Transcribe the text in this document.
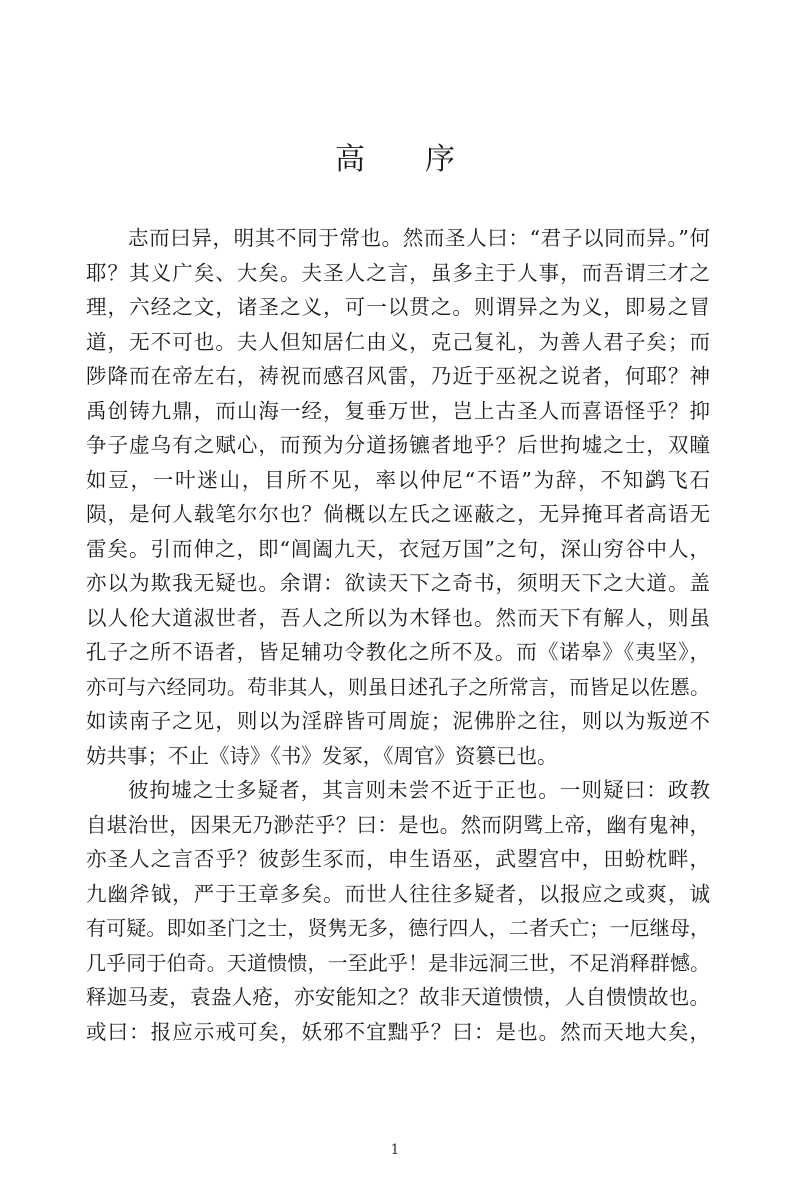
高 序
志而曰异，明其不同于常也。然而圣人曰：“君子以同而异。”何
耶？其义广矣、大矣。夫圣人之言，虽多主于人事，而吾谓三才之
理，六经之文，诸圣之义，可一以贯之。则谓异之为义，即易之冒
道，无不可也。夫人但知居仁由义，克己复礼，为善人君子矣；而
陟降而在帝左右，祷祝而感召风雷，乃近于巫祝之说者，何耶？神
禹创铸九鼎，而山海一经，复垂万世，岂上古圣人而喜语怪乎？抑
争子虚乌有之赋心，而预为分道扬镳者地乎？后世拘墟之士，双瞳
如豆，一叶迷山，目所不见，率以仲尼“不语”为辞，不知鹢飞石
陨，是何人载笔尔尔也？倘概以左氏之诬蔽之，无异掩耳者高语无
雷矣。引而伸之，即“阊阖九天，衣冠万国”之句，深山穷谷中人，
亦以为欺我无疑也。余谓：欲读天下之奇书，须明天下之大道。盖
以人伦大道淑世者，吾人之所以为木铎也。然而天下有解人，则虽
孔子之所不语者，皆足辅功令教化之所不及。而《诺皋》《夷坚》，
亦可与六经同功。苟非其人，则虽日述孔子之所常言，而皆足以佐慝。
如读南子之见，则以为淫辟皆可周旋；泥佛肸之往，则以为叛逆不
妨共事；不止《诗》《书》发冢，《周官》资篡已也。
彼拘墟之士多疑者，其言则未尝不近于正也。一则疑曰：政教
自堪治世，因果无乃渺茫乎？曰：是也。然而阴骘上帝，幽有鬼神，
亦圣人之言否乎？彼彭生豕而，申生语巫，武曌宫中，田蚡枕畔，
九幽斧钺，严于王章多矣。而世人往往多疑者，以报应之或爽，诚
有可疑。即如圣门之士，贤隽无多，德行四人，二者夭亡；一厄继母，
几乎同于伯奇。天道愦愦，一至此乎！是非远洞三世，不足消释群憾。
释迦马麦，袁盎人疮，亦安能知之？故非天道愦愦，人自愦愦故也。
或曰：报应示戒可矣，妖邪不宜黜乎？曰：是也。然而天地大矣，
1
